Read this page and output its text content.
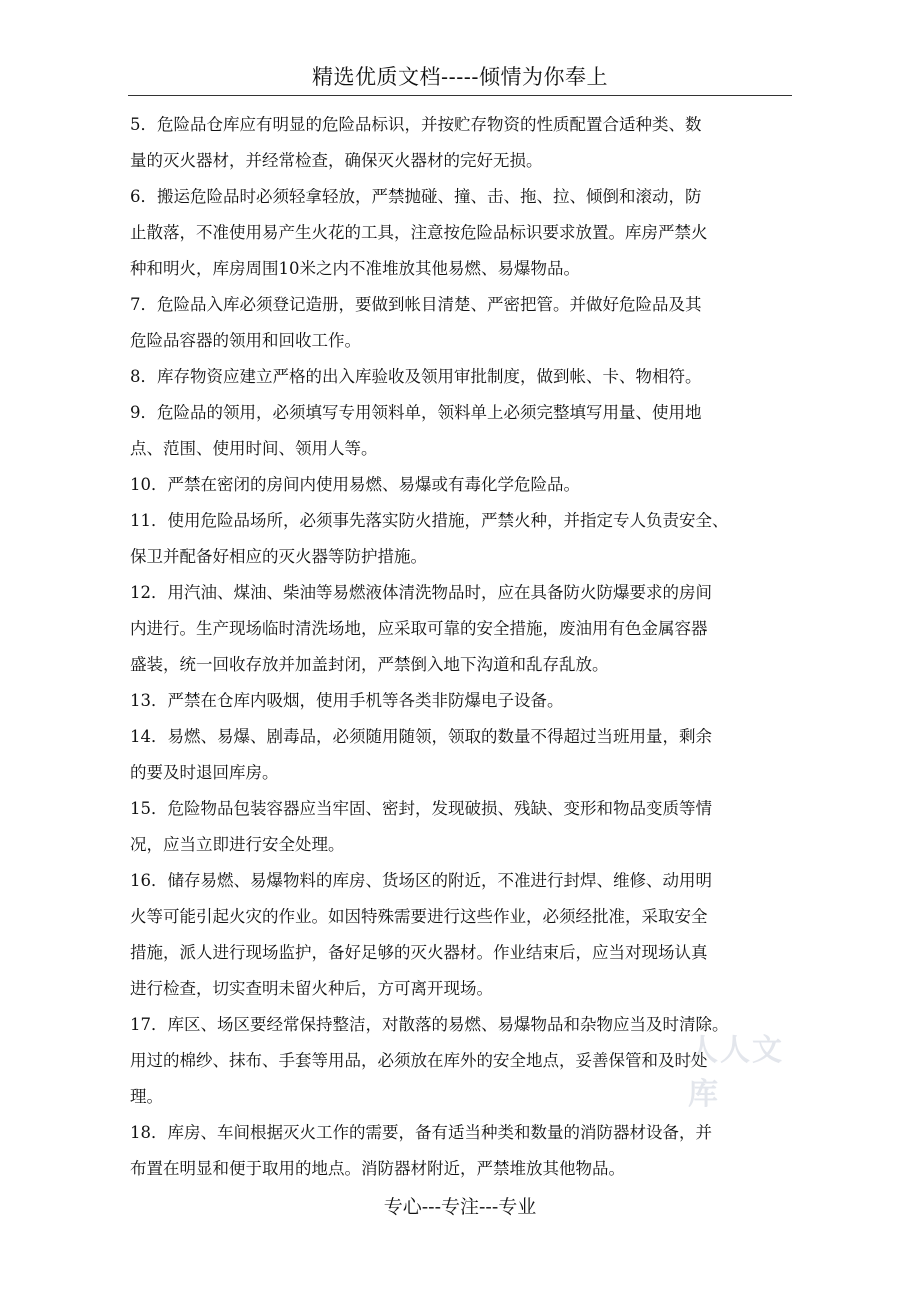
精选优质文档-----倾情为你奉上
5．危险品仓库应有明显的危险品标识，并按贮存物资的性质配置合适种类、数
量的灭火器材，并经常检查，确保灭火器材的完好无损。
6．搬运危险品时必须轻拿轻放，严禁抛碰、撞、击、拖、拉、倾倒和滚动，防
止散落，不准使用易产生火花的工具，注意按危险品标识要求放置。库房严禁火
种和明火，库房周围10米之内不准堆放其他易燃、易爆物品。
7．危险品入库必须登记造册，要做到帐目清楚、严密把管。并做好危险品及其
危险品容器的领用和回收工作。
8．库存物资应建立严格的出入库验收及领用审批制度，做到帐、卡、物相符。
9．危险品的领用，必须填写专用领料单，领料单上必须完整填写用量、使用地
点、范围、使用时间、领用人等。
10．严禁在密闭的房间内使用易燃、易爆或有毒化学危险品。
11．使用危险品场所，必须事先落实防火措施，严禁火种，并指定专人负责安全、
保卫并配备好相应的灭火器等防护措施。
12．用汽油、煤油、柴油等易燃液体清洗物品时，应在具备防火防爆要求的房间
内进行。生产现场临时清洗场地，应采取可靠的安全措施，废油用有色金属容器
盛装，统一回收存放并加盖封闭，严禁倒入地下沟道和乱存乱放。
13．严禁在仓库内吸烟，使用手机等各类非防爆电子设备。
14．易燃、易爆、剧毒品，必须随用随领，领取的数量不得超过当班用量，剩余
的要及时退回库房。
15．危险物品包装容器应当牢固、密封，发现破损、残缺、变形和物品变质等情
况，应当立即进行安全处理。
16．储存易燃、易爆物料的库房、货场区的附近，不准进行封焊、维修、动用明
火等可能引起火灾的作业。如因特殊需要进行这些作业，必须经批准，采取安全
措施，派人进行现场监护，备好足够的灭火器材。作业结束后，应当对现场认真
进行检查，切实查明未留火种后，方可离开现场。
17．库区、场区要经常保持整洁，对散落的易燃、易爆物品和杂物应当及时清除。
用过的棉纱、抹布、手套等用品，必须放在库外的安全地点，妥善保管和及时处
理。
18．库房、车间根据灭火工作的需要，备有适当种类和数量的消防器材设备，并
布置在明显和便于取用的地点。消防器材附近，严禁堆放其他物品。
人人文库
专心---专注---专业
